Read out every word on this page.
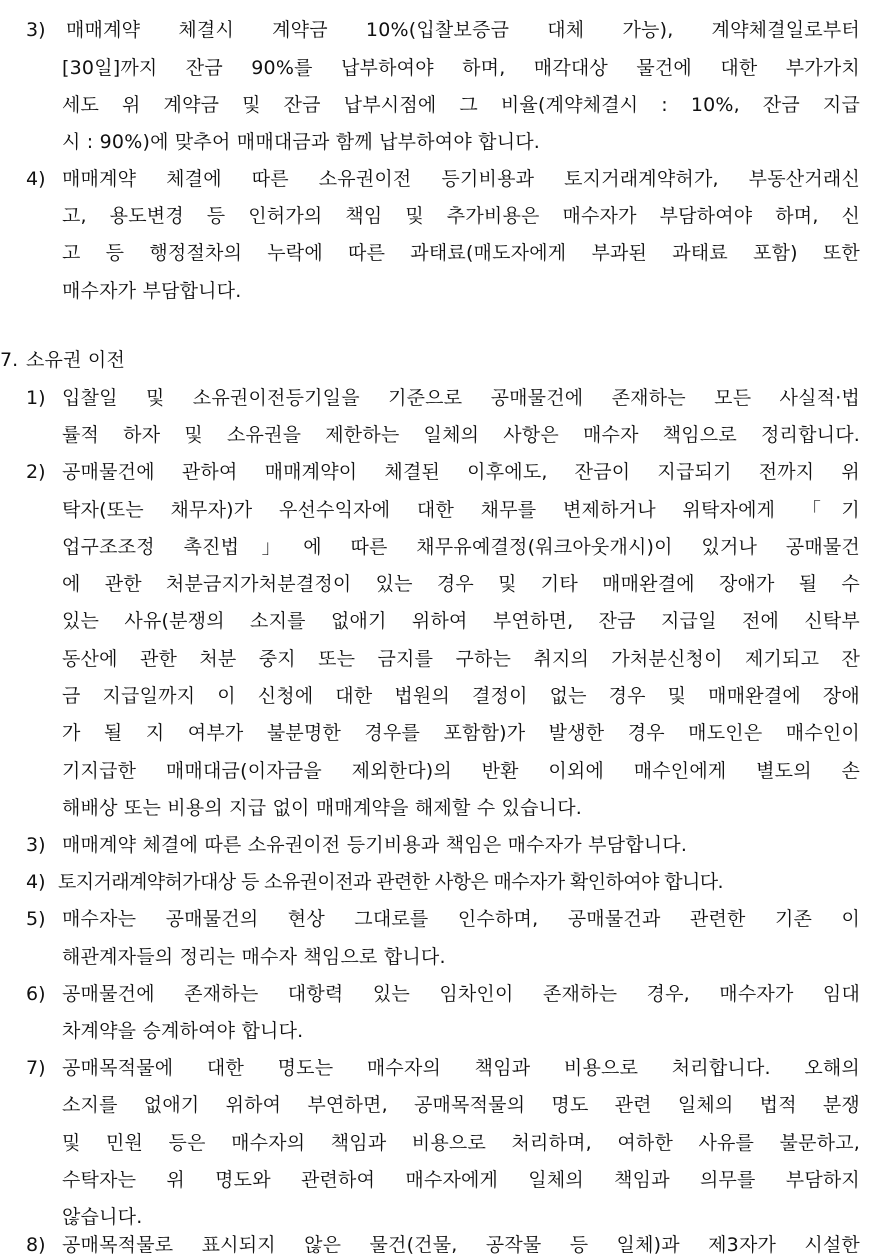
3) 매매계약 체결시 계약금 10%(입찰보증금 대체 가능), 계약체결일로부터
[30일]까지 잔금 90%를 납부하여야 하며, 매각대상 물건에 대한 부가가치
세도 위 계약금 및 잔금 납부시점에 그 비율(계약체결시 : 10%, 잔금 지급
시 : 90%)에 맞추어 매매대금과 함께 납부하여야 합니다.
4) 매매계약 체결에 따른 소유권이전 등기비용과 토지거래계약허가, 부동산거래신
고, 용도변경 등 인허가의 책임 및 추가비용은 매수자가 부담하여야 하며, 신
고 등 행정절차의 누락에 따른 과태료(매도자에게 부과된 과태료 포함) 또한
매수자가 부담합니다.
7. 소유권 이전
1) 입찰일 및 소유권이전등기일을 기준으로 공매물건에 존재하는 모든 사실적·법
률적 하자 및 소유권을 제한하는 일체의 사항은 매수자 책임으로 정리합니다.
2) 공매물건에 관하여 매매계약이 체결된 이후에도, 잔금이 지급되기 전까지 위
탁자(또는 채무자)가 우선수익자에 대한 채무를 변제하거나 위탁자에게 「기
업구조조정 촉진법」에 따른 채무유예결정(워크아웃개시)이 있거나 공매물건
에 관한 처분금지가처분결정이 있는 경우 및 기타 매매완결에 장애가 될 수
있는 사유(분쟁의 소지를 없애기 위하여 부연하면, 잔금 지급일 전에 신탁부
동산에 관한 처분 중지 또는 금지를 구하는 취지의 가처분신청이 제기되고 잔
금 지급일까지 이 신청에 대한 법원의 결정이 없는 경우 및 매매완결에 장애
가 될 지 여부가 불분명한 경우를 포함함)가 발생한 경우 매도인은 매수인이
기지급한 매매대금(이자금을 제외한다)의 반환 이외에 매수인에게 별도의 손
해배상 또는 비용의 지급 없이 매매계약을 해제할 수 있습니다.
3) 매매계약 체결에 따른 소유권이전 등기비용과 책임은 매수자가 부담합니다.
4) 토지거래계약허가대상 등 소유권이전과 관련한 사항은 매수자가 확인하여야 합니다.
5) 매수자는 공매물건의 현상 그대로를 인수하며, 공매물건과 관련한 기존 이
해관계자들의 정리는 매수자 책임으로 합니다.
6) 공매물건에 존재하는 대항력 있는 임차인이 존재하는 경우, 매수자가 임대
차계약을 승계하여야 합니다.
7) 공매목적물에 대한 명도는 매수자의 책임과 비용으로 처리합니다. 오해의
소지를 없애기 위하여 부연하면, 공매목적물의 명도 관련 일체의 법적 분쟁
및 민원 등은 매수자의 책임과 비용으로 처리하며, 여하한 사유를 불문하고,
수탁자는 위 명도와 관련하여 매수자에게 일체의 책임과 의무를 부담하지
않습니다.
8) 공매목적물로 표시되지 않은 물건(건물, 공작물 등 일체)과 제3자가 시설한
